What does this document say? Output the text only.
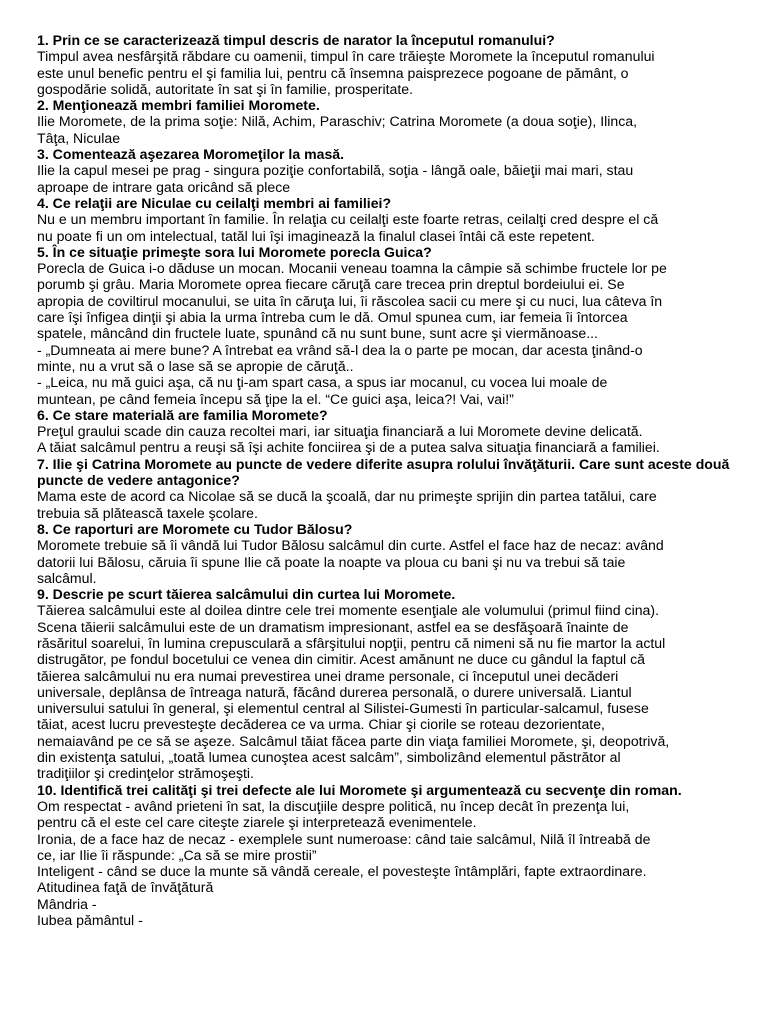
1. Prin ce se caracterizează timpul descris de narator la începutul romanului?
Timpul avea nesfârşită răbdare cu oamenii, timpul în care trăieşte Moromete la începutul romanului
este unul benefic pentru el şi familia lui, pentru că însemna paisprezece pogoane de pământ, o
gospodărie solidă, autoritate în sat şi în familie, prosperitate.
2. Menţionează membri familiei Moromete.
Ilie Moromete, de la prima soţie: Nilă, Achim, Paraschiv; Catrina Moromete (a doua soţie), Ilinca,
Tâţa, Niculae
3. Comentează aşezarea Moromeţilor la masă.
Ilie la capul mesei pe prag - singura poziţie confortabilă, soţia - lângă oale, băieţii mai mari, stau
aproape de intrare gata oricând să plece
4. Ce relaţii are Niculae cu ceilalţi membri ai familiei?
Nu e un membru important în familie. În relaţia cu ceilalţi este foarte retras, ceilalţi cred despre el că
nu poate fi un om intelectual, tatăl lui îşi imaginează la finalul clasei întâi că este repetent.
5. În ce situaţie primeşte sora lui Moromete porecla Guica?
Porecla de Guica i-o dăduse un mocan. Mocanii veneau toamna la câmpie să schimbe fructele lor pe
porumb şi grâu. Maria Moromete oprea fiecare căruţă care trecea prin dreptul bordeiului ei. Se
apropia de coviltirul mocanului, se uita în căruţa lui, îi răscolea sacii cu mere şi cu nuci, lua câteva în
care îşi înfigea dinţii şi abia la urma întreba cum le dă. Omul spunea cum, iar femeia îi întorcea
spatele, mâncând din fructele luate, spunând că nu sunt bune, sunt acre şi viermănoase...
- „Dumneata ai mere bune? A întrebat ea vrând să-l dea la o parte pe mocan, dar acesta ţinând-o
minte, nu a vrut să o lase să se apropie de căruţă..
- „Leica, nu mă guici aşa, că nu ţi-am spart casa, a spus iar mocanul, cu vocea lui moale de
muntean, pe când femeia începu să ţipe la el. “Ce guici aşa, leica?! Vai, vai!”
6. Ce stare materială are familia Moromete?
Preţul graului scade din cauza recoltei mari, iar situaţia financiară a lui Moromete devine delicată.
A tăiat salcâmul pentru a reuşi să îşi achite fonciirea şi de a putea salva situaţia financiară a familiei.
7. Ilie şi Catrina Moromete au puncte de vedere diferite asupra rolului învăţăturii. Care sunt aceste două puncte de vedere antagonice?
Mama este de acord ca Nicolae să se ducă la şcoală, dar nu primeşte sprijin din partea tatălui, care
trebuia să plătească taxele şcolare.
8. Ce raporturi are Moromete cu Tudor Bălosu?
Moromete trebuie să îi vândă lui Tudor Bălosu salcâmul din curte. Astfel el face haz de necaz: având
datorii lui Bălosu, căruia îi spune Ilie că poate la noapte va ploua cu bani şi nu va trebui să taie
salcâmul.
9. Descrie pe scurt tăierea salcâmului din curtea lui Moromete.
Tăierea salcâmului este al doilea dintre cele trei momente esenţiale ale volumului (primul fiind cina).
Scena tăierii salcâmului este de un dramatism impresionant, astfel ea se desfăşoară înainte de
răsăritul soarelui, în lumina crepusculară a sfârşitului nopţii, pentru că nimeni să nu fie martor la actul
distrugător, pe fondul bocetului ce venea din cimitir. Acest amănunt ne duce cu gândul la faptul că
tăierea salcâmului nu era numai prevestirea unei drame personale, ci începutul unei decăderi
universale, deplânsa de întreaga natură, făcând durerea personală, o durere universală. Liantul
universului satului în general, şi elementul central al Silistei-Gumesti în particular-salcamul, fusese
tăiat, acest lucru prevesteşte decăderea ce va urma. Chiar şi ciorile se roteau dezorientate,
nemaiavând pe ce să se aşeze. Salcâmul tăiat făcea parte din viaţa familiei Moromete, şi, deopotrivă,
din existenţa satului, „toată lumea cunoştea acest salcâm”, simbolizând elementul păstrător al
tradiţiilor şi credinţelor strămoşeşti.
10. Identifică trei calităţi şi trei defecte ale lui Moromete şi argumentează cu secvenţe din roman.
Om respectat - având prieteni în sat, la discuţiile despre politică, nu încep decât în prezenţa lui,
pentru că el este cel care citeşte ziarele şi interpretează evenimentele.
Ironia, de a face haz de necaz - exemplele sunt numeroase: când taie salcâmul, Nilă îl întreabă de
ce, iar Ilie îi răspunde: „Ca să se mire prostii”
Inteligent - când se duce la munte să vândă cereale, el povesteşte întâmplări, fapte extraordinare.
Atitudinea faţă de învăţătură
Mândria -
Iubea pământul -
